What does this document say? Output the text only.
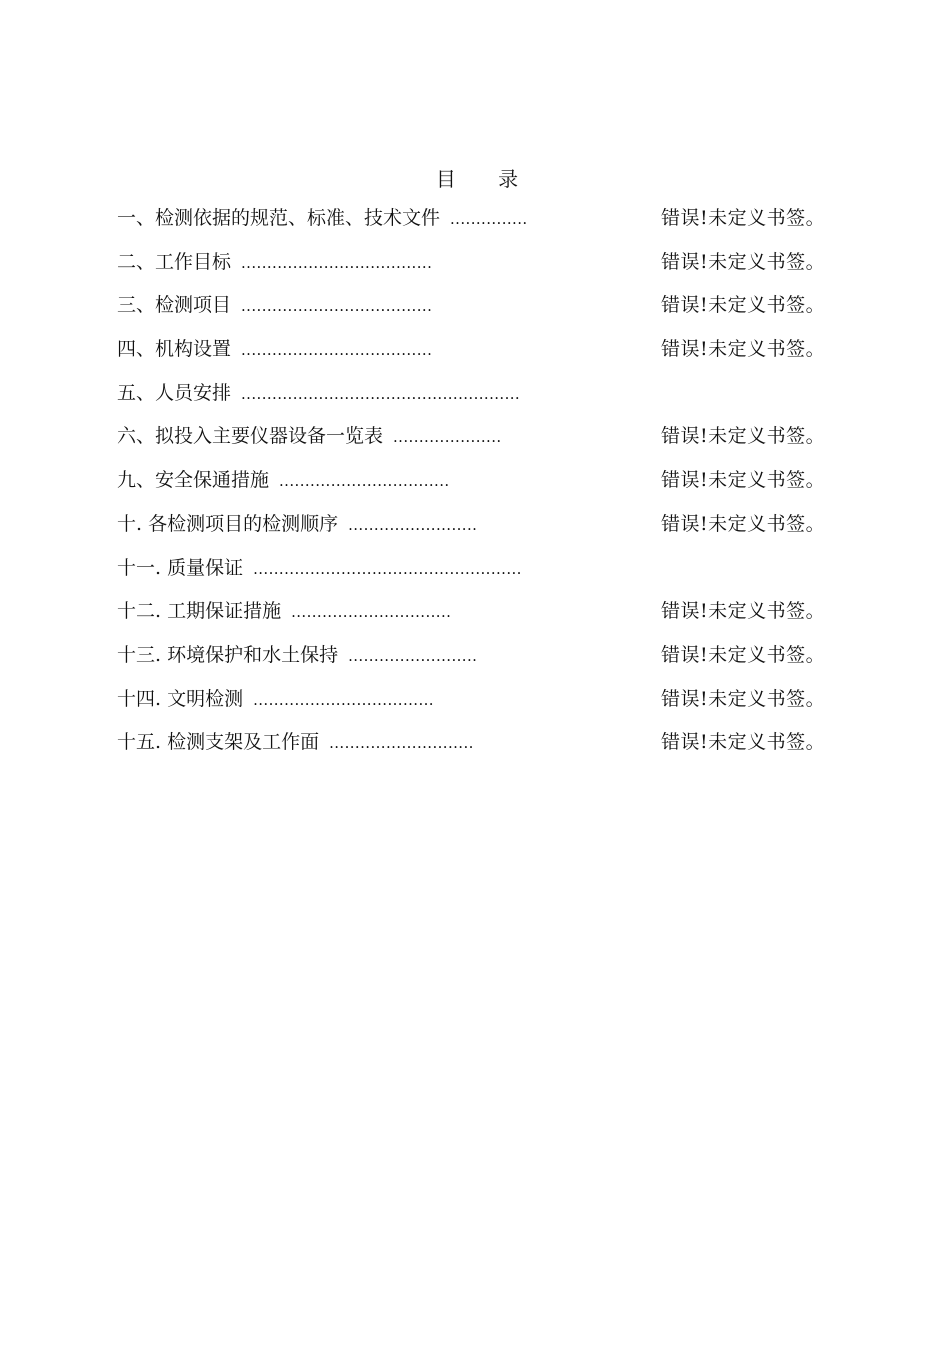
目 录
一、检测依据的规范、标准、技术文件 ...............	错误!未定义书签。
二、工作目标 .....................................	错误!未定义书签。
三、检测项目 .....................................	错误!未定义书签。
四、机构设置 .....................................	错误!未定义书签。
五、人员安排 ......................................................
六、拟投入主要仪器设备一览表 .....................	错误!未定义书签。
九、安全保通措施 .................................	错误!未定义书签。
十. 各检测项目的检测顺序 .........................	错误!未定义书签。
十一. 质量保证 ....................................................
十二. 工期保证措施 ...............................	错误!未定义书签。
十三. 环境保护和水土保持 .........................	错误!未定义书签。
十四. 文明检测 ...................................	错误!未定义书签。
十五. 检测支架及工作面 ............................	错误!未定义书签。
